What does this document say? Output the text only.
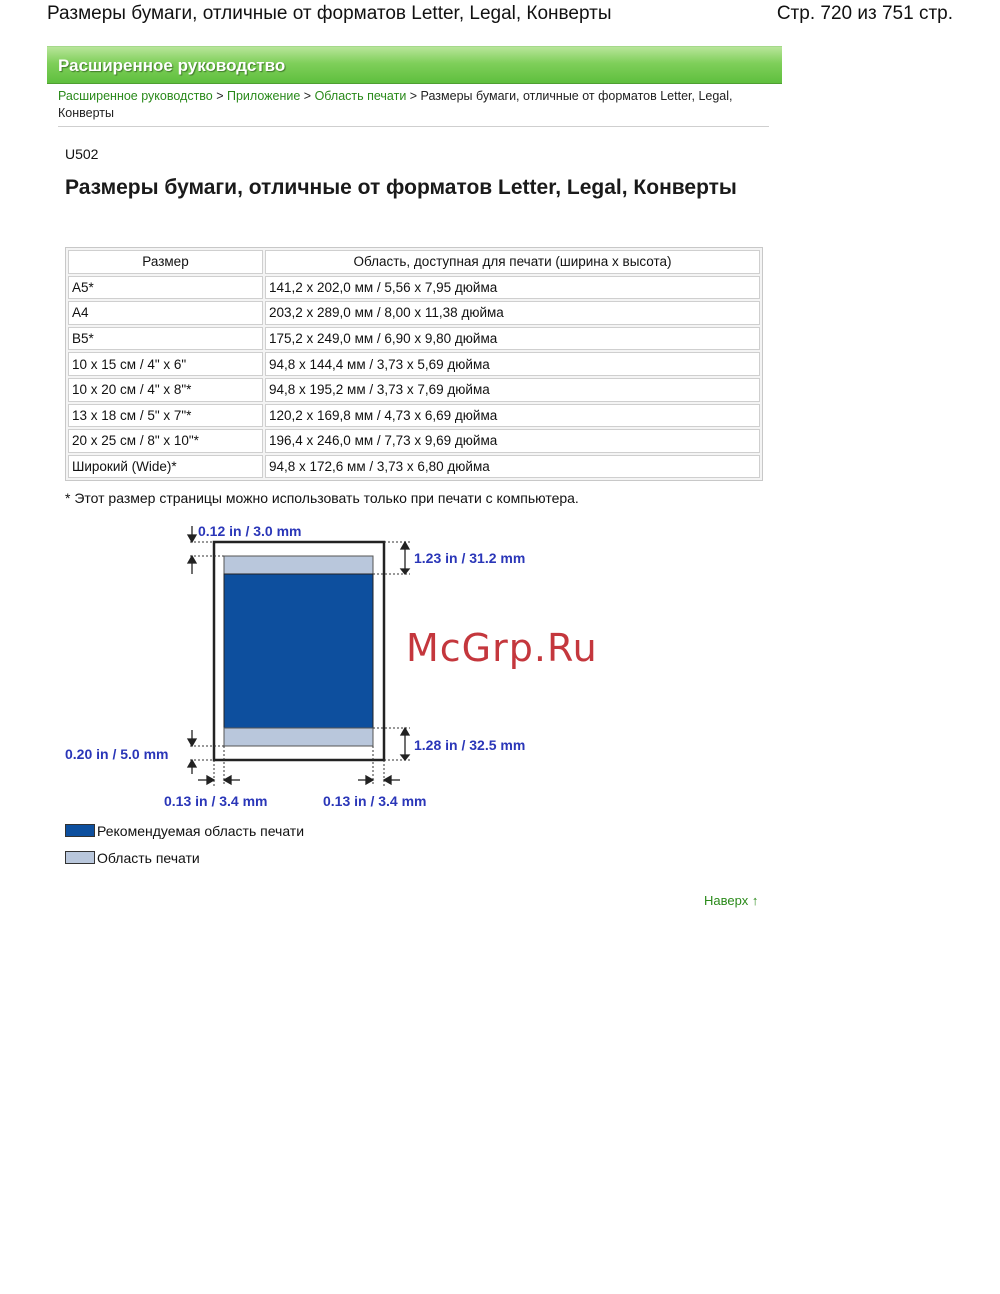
Размеры бумаги, отличные от форматов Letter, Legal, Конверты	Стр. 720 из 751 стр.
Расширенное руководство
Расширенное руководство > Приложение > Область печати > Размеры бумаги, отличные от форматов Letter, Legal, Конверты
U502
Размеры бумаги, отличные от форматов Letter, Legal, Конверты
Размер	Область, доступная для печати (ширина x высота)
A5*	141,2 x 202,0 мм / 5,56 x 7,95 дюйма
A4	203,2 x 289,0 мм / 8,00 x 11,38 дюйма
B5*	175,2 x 249,0 мм / 6,90 x 9,80 дюйма
10 x 15 см / 4" x 6"	94,8 x 144,4 мм / 3,73 x 5,69 дюйма
10 x 20 см / 4" x 8"*	94,8 x 195,2 мм / 3,73 x 7,69 дюйма
13 x 18 см / 5" x 7"*	120,2 x 169,8 мм / 4,73 x 6,69 дюйма
20 x 25 см / 8" x 10"*	196,4 x 246,0 мм / 7,73 x 9,69 дюйма
Широкий (Wide)*	94,8 x 172,6 мм / 3,73 x 6,80 дюйма
* Этот размер страницы можно использовать только при печати с компьютера.
0.12 in / 3.0 mm
1.23 in / 31.2 mm
1.28 in / 32.5 mm
0.20 in / 5.0 mm
0.13 in / 3.4 mm	0.13 in / 3.4 mm
McGrp.Ru
Рекомендуемая область печати
Область печати
Наверх ↑
